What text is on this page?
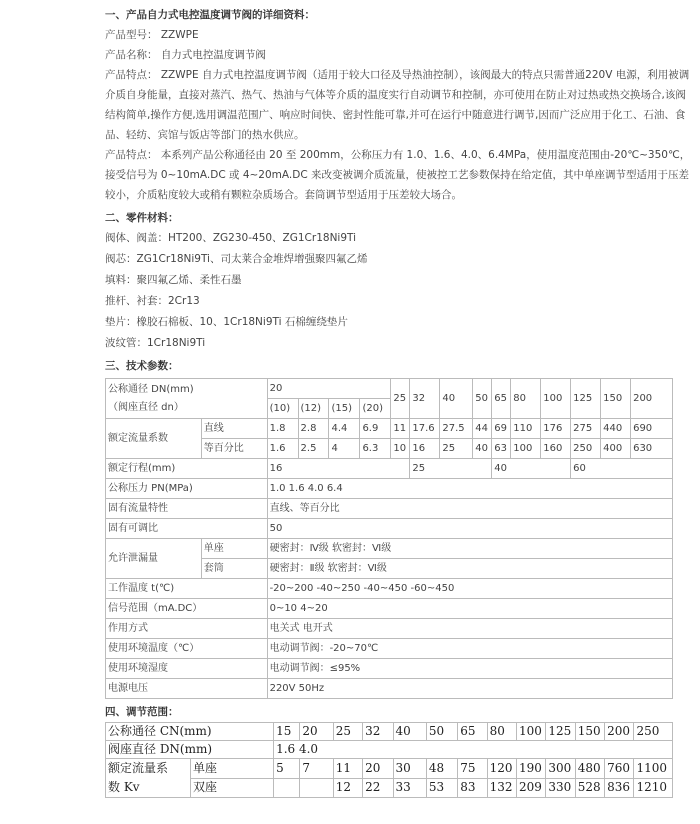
一、产品自力式电控温度调节阀的详细资料：

产品型号： ZZWPE

产品名称： 自力式电控温度调节阀

产品特点： ZZWPE 自力式电控温度调节阀（适用于较大口径及导热油控制），该阀最大的特点只需普通220V 电源，利用被调介质自身能量，直接对蒸汽、热气、热油与气体等介质的温度实行自动调节和控制，亦可使用在防止对过热或热交换场合,该阀结构简单,操作方便,选用调温范围广、响应时间快、密封性能可靠,并可在运行中随意进行调节,因而广泛应用于化工、石油、食品、轻纺、宾馆与饭店等部门的热水供应。

产品特点： 本系列产品公称通径由 20 至 200mm，公称压力有 1.0、1.6、4.0、6.4MPa，使用温度范围由-20℃~350℃，接受信号为 0~10mA.DC 或 4~20mA.DC 来改变被调介质流量，使被控工艺参数保持在给定值，其中单座调节型适用于压差较小，介质粘度较大或稍有颗粒杂质场合。套筒调节型适用于压差较大场合。

二、零件材料：

阀体、阀盖：HT200、ZG230-450、ZG1Cr18Ni9Ti

阀芯：ZG1Cr18Ni9Ti、司太莱合金堆焊增强聚四氟乙烯

填料：聚四氟乙烯、柔性石墨

推杆、衬套：2Cr13

垫片：橡胶石棉板、10、1Cr18Ni9Ti 石棉缠绕垫片

波纹管：1Cr18Ni9Ti

三、技术参数：

公称通径 DN(mm)
（阀座直径 dn）		20				25	32	40	50	65	80	100	125	150	200
		(10)	(12)	(15)	(20)										
额定流量系数	直线	1.8	2.8	4.4	6.9	11	17.6	27.5	44	69	110	176	275	440	690
	等百分比	1.6	2.5	4	6.3	10	16	25	40	63	100	160	250	400	630
额定行程(mm)		16					25			40			60		
公称压力 PN(MPa)		1.0 1.6 4.0 6.4													
固有流量特性		直线、等百分比													
固有可调比		50													
允许泄漏量	单座	硬密封：Ⅳ级 软密封：Ⅵ级													
	套筒	硬密封：Ⅱ级 软密封：Ⅵ级													
工作温度 t(℃)		-20~200 -40~250 -40~450 -60~450													
信号范围（mA.DC）		0~10 4~20													
作用方式		电关式 电开式													
使用环境温度（℃）		电动调节阀：-20~70℃													
使用环境湿度		电动调节阀：≤95%													
电源电压		220V 50Hz													

四、调节范围：

公称通径 CN(mm)		15	20	25	32	40	50	65	80	100	125	150	200	250
阀座直径 DN(mm)		1.6 4.0												
额定流量系
数 Kv	单座	5	7	11	20	30	48	75	120	190	300	480	760	1100
	双座			12	22	33	53	83	132	209	330	528	836	1210
